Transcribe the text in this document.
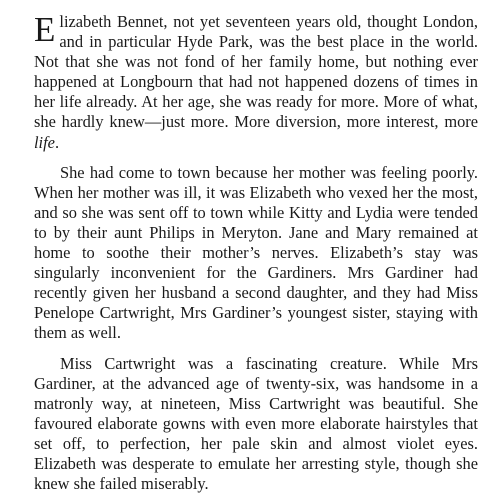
Elizabeth Bennet, not yet seventeen years old, thought London, and in particular Hyde Park, was the best place in the world. Not that she was not fond of her family home, but nothing ever happened at Longbourn that had not happened dozens of times in her life already. At her age, she was ready for more. More of what, she hardly knew—just more. More diversion, more interest, more life.

She had come to town because her mother was feeling poorly. When her mother was ill, it was Elizabeth who vexed her the most, and so she was sent off to town while Kitty and Lydia were tended to by their aunt Philips in Meryton. Jane and Mary remained at home to soothe their mother’s nerves. Elizabeth’s stay was singularly inconvenient for the Gardiners. Mrs Gardiner had recently given her husband a second daughter, and they had Miss Penelope Cartwright, Mrs Gardiner’s youngest sister, staying with them as well.

Miss Cartwright was a fascinating creature. While Mrs Gardiner, at the advanced age of twenty-six, was handsome in a matronly way, at nineteen, Miss Cartwright was beautiful. She favoured elaborate gowns with even more elaborate hairstyles that set off, to perfection, her pale skin and almost violet eyes. Elizabeth was desperate to emulate her arresting style, though she knew she failed miserably.
